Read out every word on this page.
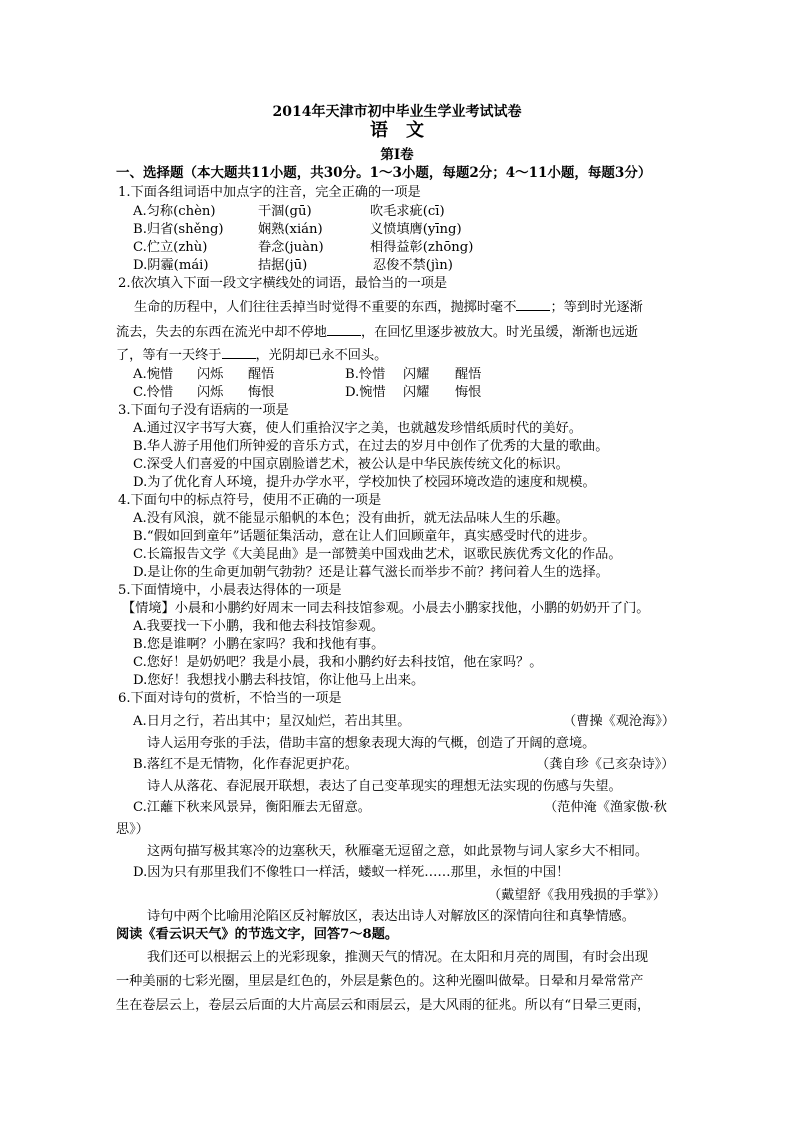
2014年天津市初中毕业生学业考试试卷
语文
第Ⅰ卷
一、选择题（本大题共11小题，共30分。1～3小题，每题2分；4～11小题，每题3分）
1.下面各组词语中加点字的注音，完全正确的一项是
A.匀称(chèn)	干涸(gū)	吹毛求疵(cī)
B.归省(shěng)	娴熟(xián)	义愤填膺(yīng)
C.伫立(zhù)	眷念(juàn)	相得益彰(zhōng)
D.阴霾(mái)	拮据(jū)	忍俊不禁(jìn)
2.依次填入下面一段文字横线处的词语，最恰当的一项是
生命的历程中，人们往往丢掉当时觉得不重要的东西，抛掷时毫不	；等到时光逐渐
流去，失去的东西在流光中却不停地	，在回忆里逐步被放大。时光虽缓，渐渐也远逝
了，等有一天终于	，光阴却已永不回头。
A.惋惜 闪烁 醒悟	B.怜惜 闪耀 醒悟
C.怜惜 闪烁 悔恨	D.惋惜 闪耀 悔恨
3.下面句子没有语病的一项是
A.通过汉字书写大赛，使人们重拾汉字之美，也就越发珍惜纸质时代的美好。
B.华人游子用他们所钟爱的音乐方式，在过去的岁月中创作了优秀的大量的歌曲。
C.深受人们喜爱的中国京剧脸谱艺术，被公认是中华民族传统文化的标识。
D.为了优化育人环境，提升办学水平，学校加快了校园环境改造的速度和规模。
4.下面句中的标点符号，使用不正确的一项是
A.没有风浪，就不能显示船帆的本色；没有曲折，就无法品味人生的乐趣。
B.“假如回到童年”话题征集活动，意在让人们回顾童年，真实感受时代的进步。
C.长篇报告文学《大美昆曲》是一部赞美中国戏曲艺术，讴歌民族优秀文化的作品。
D.是让你的生命更加朝气勃勃？还是让暮气滋长而举步不前？拷问着人生的选择。
5.下面情境中，小晨表达得体的一项是
【情境】小晨和小鹏约好周末一同去科技馆参观。小晨去小鹏家找他，小鹏的奶奶开了门。
A.我要找一下小鹏，我和他去科技馆参观。
B.您是谁啊？小鹏在家吗？我和找他有事。
C.您好！是奶奶吧？我是小晨，我和小鹏约好去科技馆，他在家吗？。
D.您好！我想找小鹏去科技馆，你让他马上出来。
6.下面对诗句的赏析，不恰当的一项是
A.日月之行，若出其中；星汉灿烂，若出其里。	（曹操《观沧海》）
诗人运用夸张的手法，借助丰富的想象表现大海的气概，创造了开阔的意境。
B.落红不是无情物，化作春泥更护花。	（龚自珍《己亥杂诗》）
诗人从落花、春泥展开联想，表达了自己变革现实的理想无法实现的伤感与失望。
C.江蘺下秋来风景异，衡阳雁去无留意。	（范仲淹《渔家傲·秋
思》）
这两句描写极其寒冷的边塞秋天，秋雁毫无逗留之意，如此景物与词人家乡大不相同。
D.因为只有那里我们不像牲口一样活，蝼蚁一样死……那里，永恒的中国！
（戴望舒《我用残损的手掌》）
诗句中两个比喻用沦陷区反衬解放区，表达出诗人对解放区的深情向往和真挚情感。
阅读《看云识天气》的节选文字，回答7～8题。
我们还可以根据云上的光彩现象，推测天气的情况。在太阳和月亮的周围，有时会出现
一种美丽的七彩光圈，里层是红色的，外层是紫色的。这种光圈叫做晕。日晕和月晕常常产
生在卷层云上，卷层云后面的大片高层云和雨层云，是大风雨的征兆。所以有“日晕三更雨，
